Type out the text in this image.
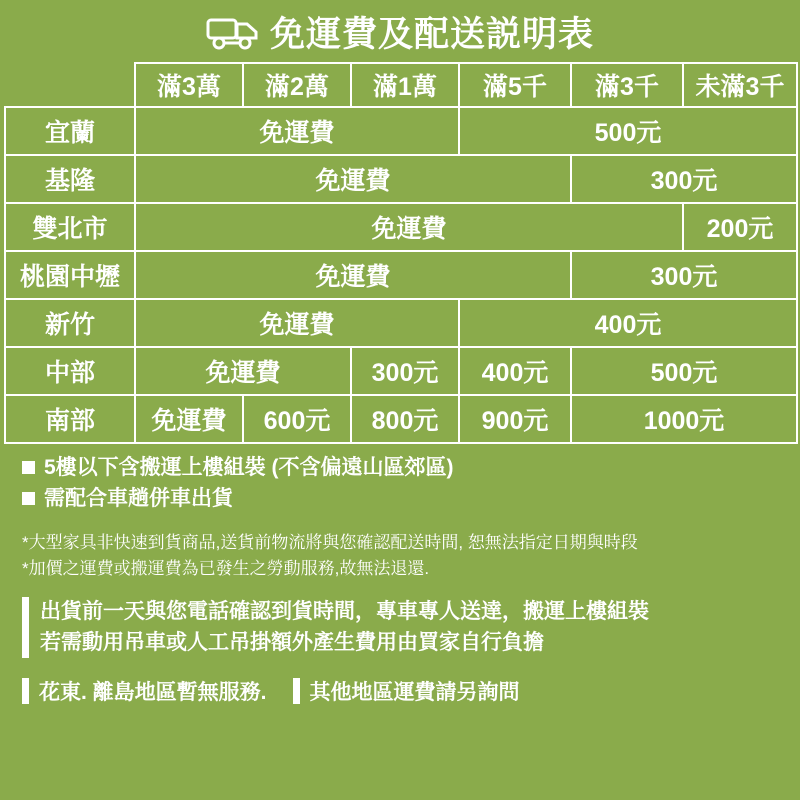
免運費及配送説明表
	滿3萬	滿2萬	滿1萬	滿5千	滿3千	未滿3千
宜蘭	免運費			500元		
基隆	免運費				300元	
雙北市	免運費					200元
桃園中壢	免運費				300元	
新竹	免運費			400元		
中部	免運費		300元	400元	500元	
南部	免運費	600元	800元	900元	1000元	
5樓以下含搬運上樓組裝 (不含偏遠山區郊區)
需配合車趟併車出貨
*大型家具非快速到貨商品,送貨前物流將與您確認配送時間, 恕無法指定日期與時段
*加價之運費或搬運費為已發生之勞動服務,故無法退還.
出貨前一天與您電話確認到貨時間，專車專人送達，搬運上樓組裝
若需動用吊車或人工吊掛額外產生費用由買家自行負擔
花東. 離島地區暫無服務. 其他地區運費請另詢問
